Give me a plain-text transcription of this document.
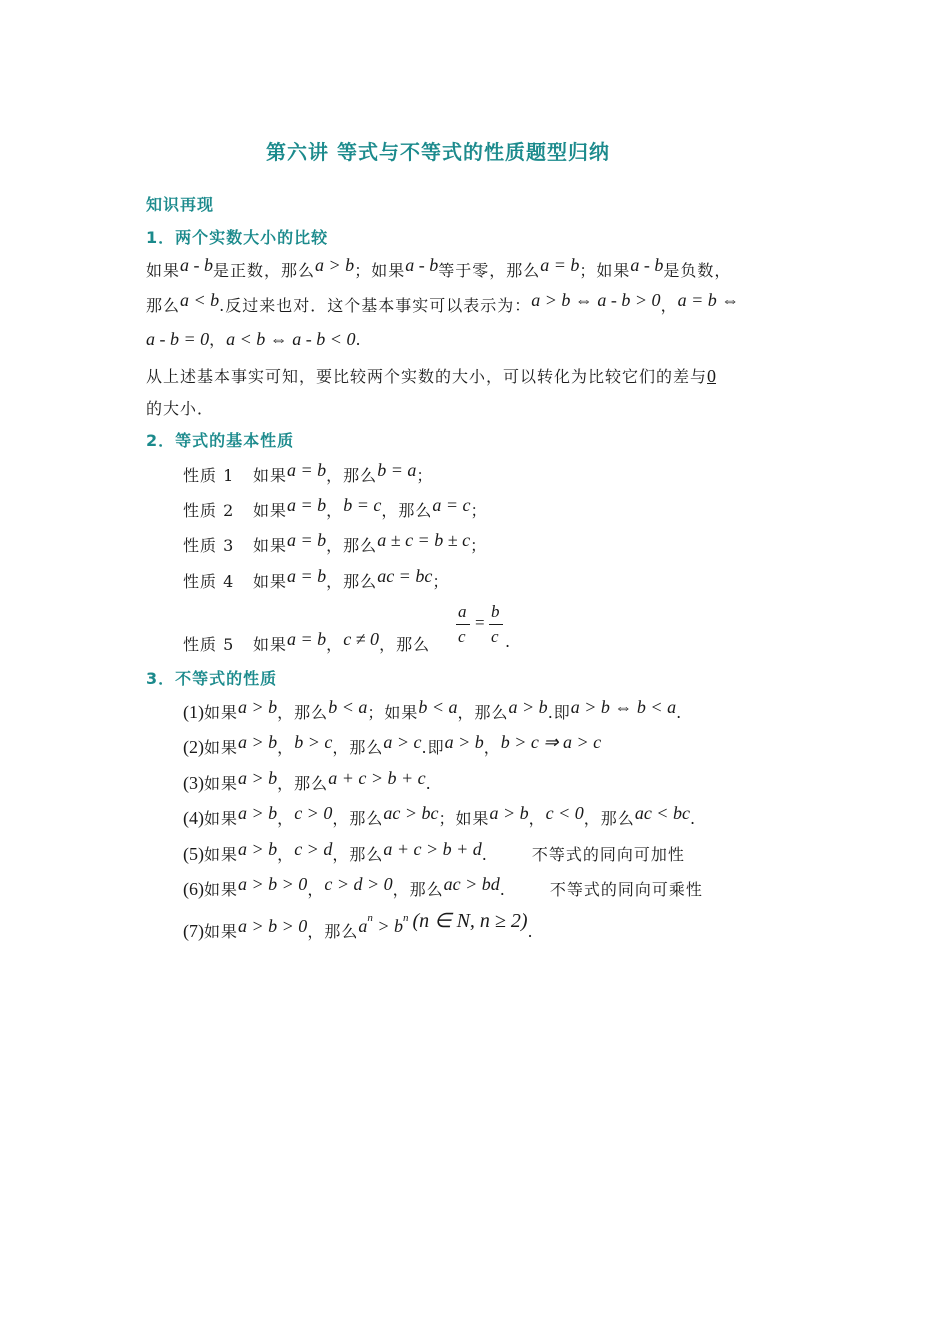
第六讲 等式与不等式的性质题型归纳
知识再现
1．两个实数大小的比较
如果a - b是正数，那么a > b；如果a - b等于零，那么a = b；如果a - b是负数，
那么a < b.反过来也对．这个基本事实可以表示为：a > b ⇔ a - b > 0，a = b ⇔
a - b = 0，a < b ⇔ a - b < 0.
从上述基本事实可知，要比较两个实数的大小，可以转化为比较它们的差与0
的大小．
2．等式的基本性质
性质 1 如果a = b，那么b = a；
性质 2 如果a = b，b = c，那么a = c；
性质 3 如果a = b，那么a ± c = b ± c；
性质 4 如果a = b，那么ac = bc；
性质 5 如果a = b，c ≠ 0，那么
a
c
=
b
c .
3．不等式的性质
(1)如果a > b，那么b < a；如果b < a，那么a > b.即a > b ⇔ b < a.
(2)如果a > b，b > c，那么a > c.即a > b，b > c ⇒ a > c
(3)如果a > b，那么a + c > b + c.
(4)如果a > b，c > 0，那么ac > bc；如果a > b，c < 0，那么ac < bc.
(5)如果a > b，c > d，那么a + c > b + d.	不等式的同向可加性
(6)如果a > b > 0，c > d > 0，那么ac > bd.	不等式的同向可乘性
(7)如果a > b > 0，那么$a^n > b^n$ (n ∈ N, n ≥ 2).
